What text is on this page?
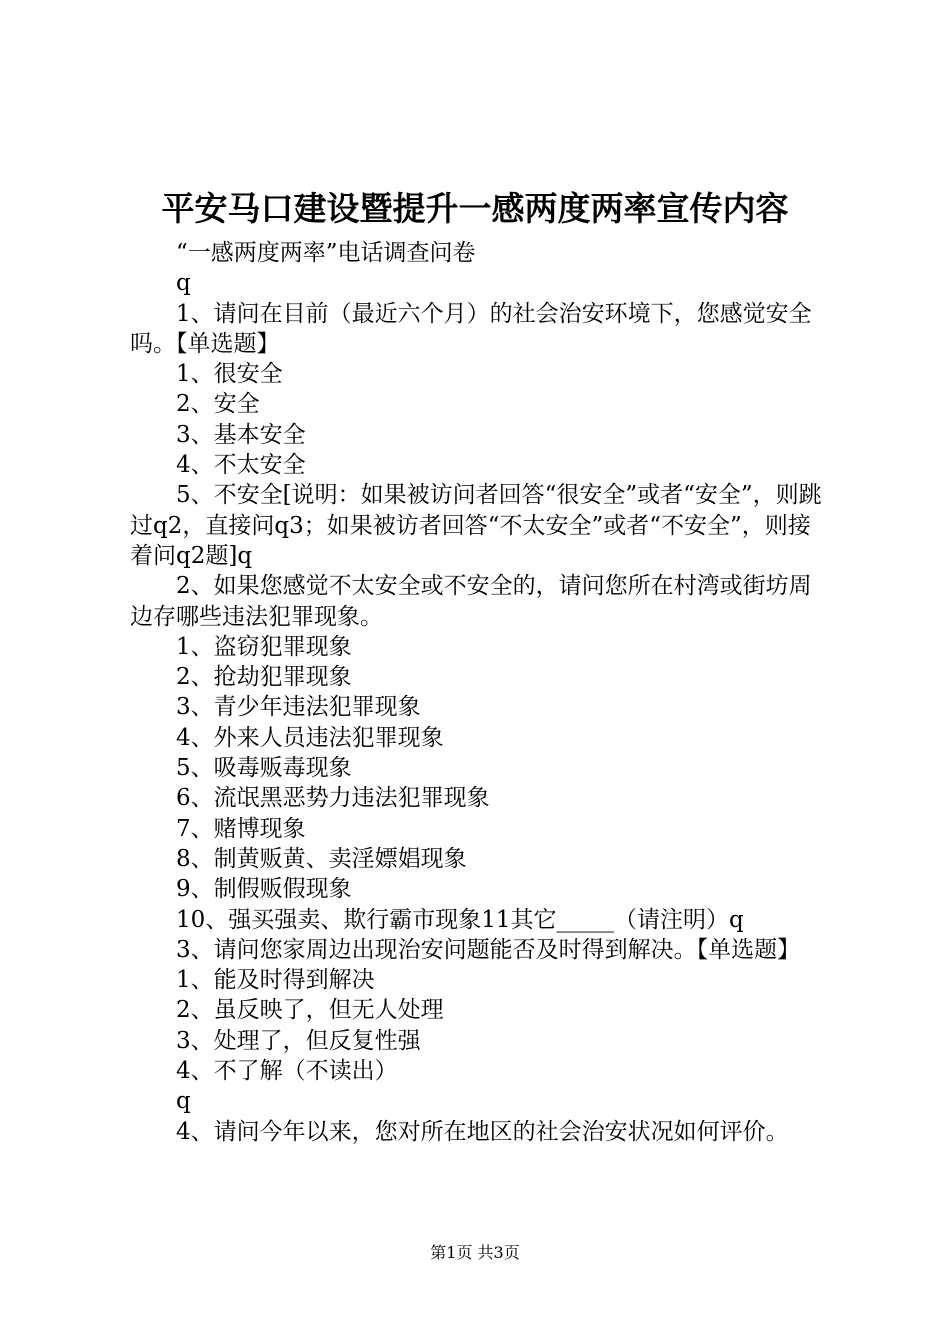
平安马口建设暨提升一感两度两率宣传内容

“一感两度两率”电话调查问卷

q

1、请问在目前（最近六个月）的社会治安环境下，您感觉安全吗。【单选题】

1、很安全

2、安全

3、基本安全

4、不太安全

5、不安全[说明：如果被访问者回答“很安全”或者“安全”，则跳过q2，直接问q3；如果被访者回答“不太安全”或者“不安全”，则接着问q2题]q

2、如果您感觉不太安全或不安全的，请问您所在村湾或街坊周边存哪些违法犯罪现象。

1、盗窃犯罪现象

2、抢劫犯罪现象

3、青少年违法犯罪现象

4、外来人员违法犯罪现象

5、吸毒贩毒现象

6、流氓黑恶势力违法犯罪现象

7、赌博现象

8、制黄贩黄、卖淫嫖娼现象

9、制假贩假现象

10、强买强卖、欺行霸市现象11其它_____（请注明）q

3、请问您家周边出现治安问题能否及时得到解决。【单选题】

1、能及时得到解决

2、虽反映了，但无人处理

3、处理了，但反复性强

4、不了解（不读出）

q

4、请问今年以来，您对所在地区的社会治安状况如何评价。

第1页 共3页
